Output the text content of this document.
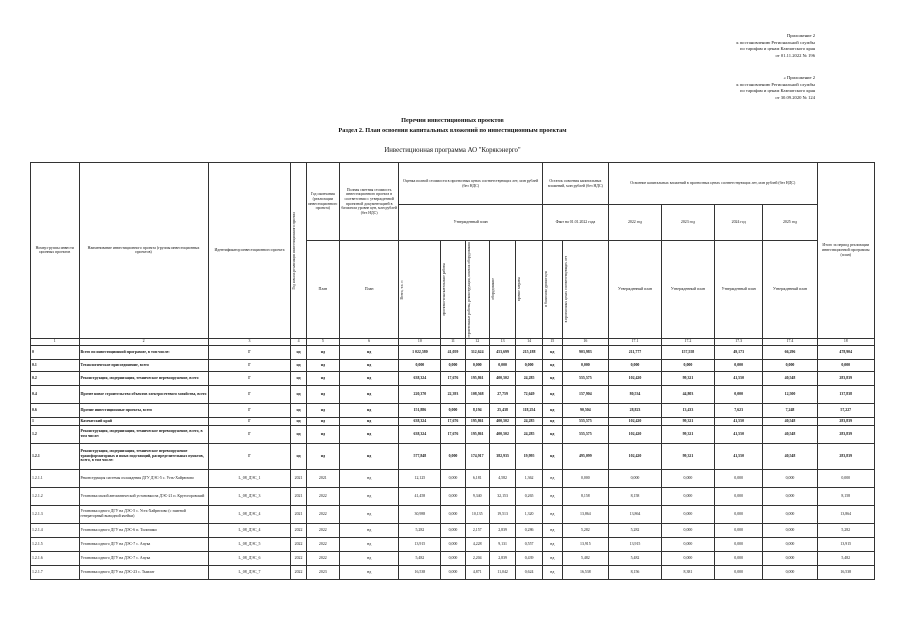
Приложение 2
к постановлению Региональной службы
по тарифам и ценам Камчатского края
от 01.11.2022 № 196
« Приложение 2
к постановлению Региональной службы
по тарифам и ценам Камчатского края
от 30.09.2020 № 124
Перечни инвестиционных проектов
Раздел 2. План освоения капитальных вложений по инвестиционным проектам
Инвестиционная программа АО "Корякэнерго"
Номер группы инвести ционных проектов	Наименование инвестиционного проекта (группы инвестиционных проектов)	Идентификатор инвестиционного проекта	Год начала реализации инвестиционного проекта	Год окончания (реализации инвестиционного проекта)	Полная сметная стоимость инвестиционного проекта в соответствии с утвержденной проектной документацией в базисном уровне цен, млн рублей (без НДС)	Оценка полной стоимости в прогнозных ценах соответствующих лет, млн рублей (без НДС)					Остаток освоения капитальных вложений, млн рублей (без НДС)		Освоение капитальных вложений в прогнозных ценах соответствующих лет, млн рублей (без НДС)				Итого за период реализации инвестиционной программы (план)
						Утвержденный план					Факт на 01.01.2022 года		2022 год	2023 год	2024 год	2025 год	
				План	План	Всего, т.ч. с:	проектно-изыскательские работы	строительные работы, реконструкция, монтаж оборудования	оборудование	прочие затраты	в базисном уровне цен	в прогнозных ценах соответствующих лет	Утвержденный план	Утвержденный план	Утвержденный план	Утвержденный план	
1	2	3	4	5	6	10	11	12	13	14	15	16	17.1	17.2	17.3	17.4	18
0	Всего по инвестиционной программе, в том числе:	Г	нд	нд	нд	1 022,580	41,059	312,624	453,699	215,188	нд	903,983	211,777	157,558	49,173	66,296	478,904
0.1	Технологическое присоединение, всего	Г	нд	нд	нд	0,000	0,000	0,000	0,000	0,000	нд	0,000	0,000	0,000	0,000	0,000	0,000
0.2	Реконструкция, модернизация, техническое перевооружение, всего	Г	нд	нд	нд	638,324	17,676	195,861	400,502	24,285	нд	555,575	102,420	99,321	41,550	40,548	283,839
0.4	Прочее новое строительство объектов электросетевого хозяйства, всего	Г	нд	нд	нд	220,370	22,393	108,568	27,759	72,649	нд	157,904	80,534	44,803	0,000	12,500	137,838
0.6	Прочие инвестиционные проекты, всего	Г	нд	нд	нд	151,886	0,000	8,194	25,438	118,254	нд	90,504	28,823	13,433	7,623	7,248	57,227
1	Камчатский край	Г	нд	нд	нд	638,324	17,676	195,861	400,502	24,285	нд	555,575	102,420	99,321	41,550	40,548	283,839
1.2	Реконструкция, модернизация, техническое перевооружение, всего, в том числе:	Г	нд	нд	нд	638,324	17,676	195,861	400,502	24,285	нд	555,575	102,420	99,321	41,550	40,548	283,839
1.2.1	Реконструкция, модернизация, техническое перевооружение трансформаторных и иных подстанций, распределительных пунктов, всего, в том числе:	Г	нд	нд	нд	577,848	0,000	174,917	382,935	19,995	нд	495,099	102,420	99,321	41,550	40,548	283,839
1.2.1.1	Реконструкция системы охлаждения ДГУ ДЭС-5 с. Усть-Хайрюзово	L_08_ДЭС_1	2021	2021	нд	12,125	0,000	6,181	4,582	1,362	нд	0,000	0,000	0,000	0,000	0,000	0,000
1.2.1.2	Установка малой автоматической установки на ДЭС-21 п. Крутогоровский	L_08_ДЭС_3	2021	2022	нд	41,458	0,000	9,340	32,153	0,265	нд	8,158	8,158	0,000	0,000	0,000	8,158
1.2.1.3	Установка одного ДГУ на ДЭС-5 с. Усть-Хайрюзово (с заменой генераторный выводной ячейки)	L_08_ДЭС_4	2021	2022	нд	30,988	0,000	10,135	19,513	1,320	нд	13,864	13,864	0,000	0,000	0,000	13,864
1.2.1.4	Установка одного ДГУ на ДЭС-6 п. Тиличики	L_08_ДЭС_4	2022	2022	нд	5,282	0,000	2,157	2,839	0,286	нд	5,282	5,282	0,000	0,000	0,000	5,282
1.2.1.5	Установка одного ДГУ на ДЭС-7 с. Апука	L_08_ДЭС_5	2022	2022	нд	13,915	0,000	4,228	9,131	0,557	нд	13,915	13,915	0,000	0,000	0,000	13,915
1.2.1.6	Установка одного ДГУ на ДЭС-7 с. Апука	L_08_ДЭС_6	2022	2022	нд	5,482	0,000	2,204	2,839	0,439	нд	5,482	5,482	0,000	0,000	0,000	5,482
1.2.1.7	Установка одного ДГУ на ДЭС-23 с. Тымлат	L_08_ДЭС_7	2022	2023	нд	16,538	0,000	4,871	11,042	0,624	нд	16,538	8,156	8,381	0,000	0,000	16,538
